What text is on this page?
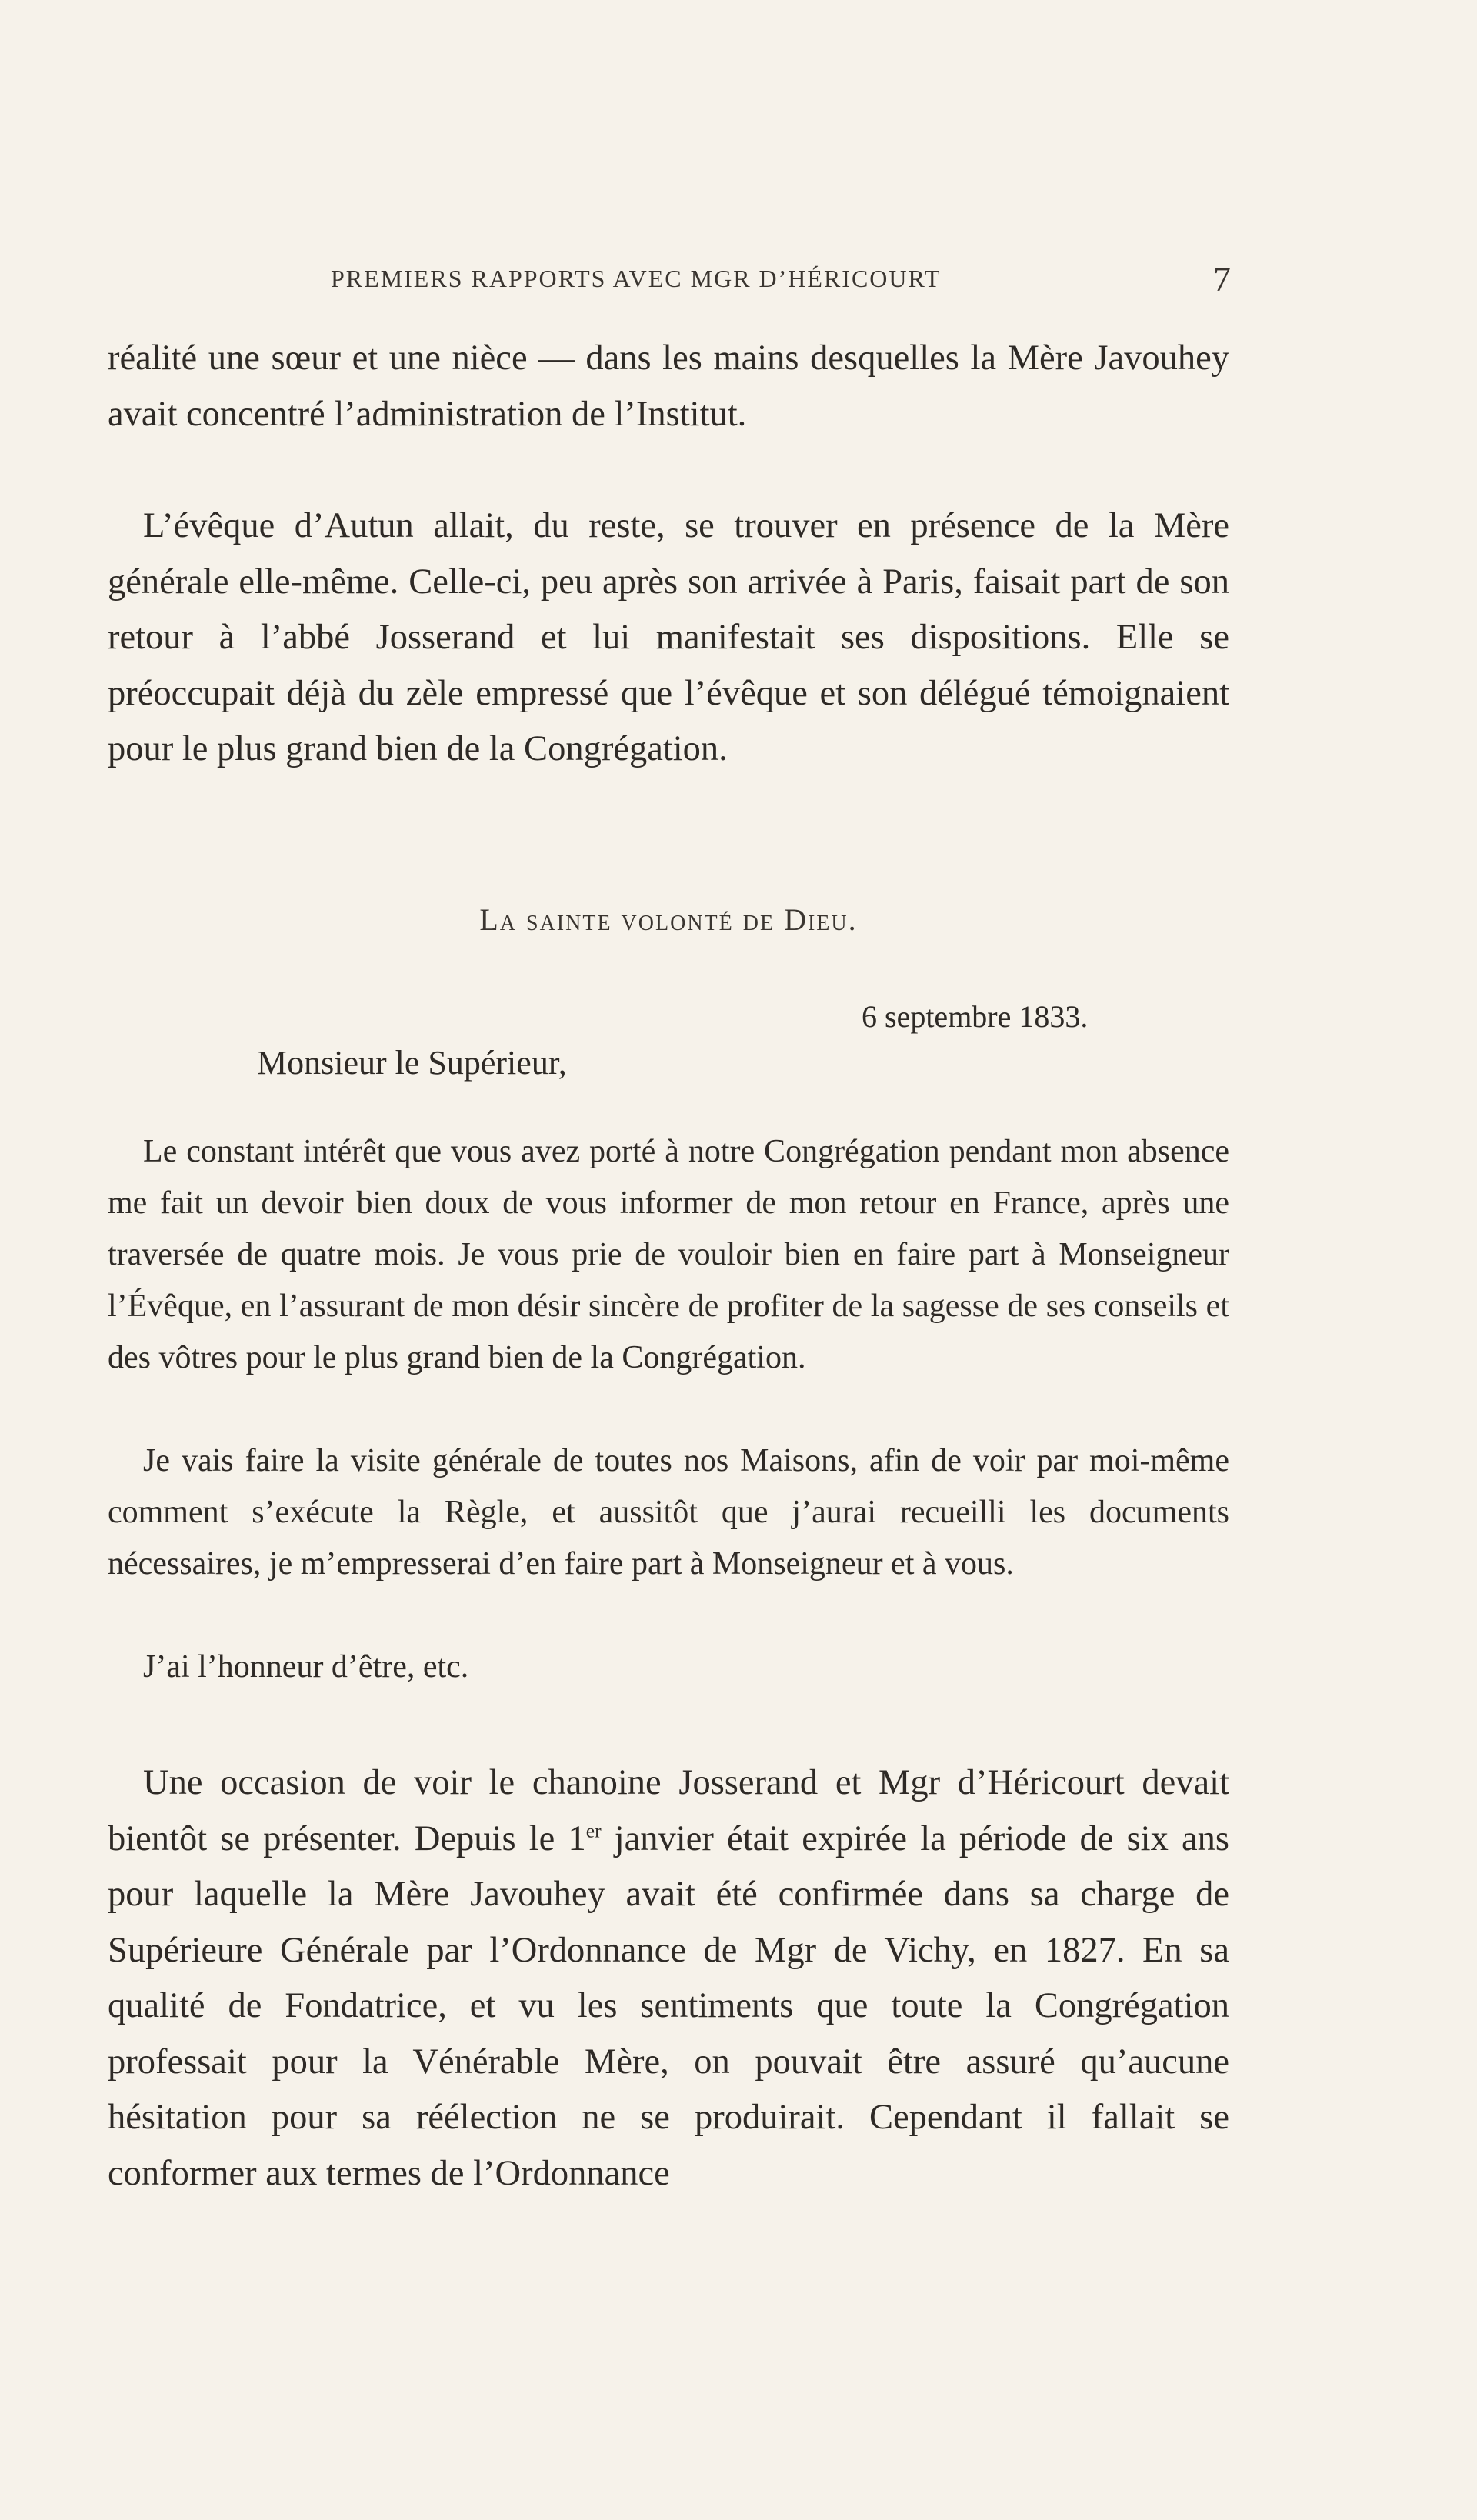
PREMIERS RAPPORTS AVEC MGR D’HÉRICOURT	7

réalité une sœur et une nièce — dans les mains desquelles la Mère Javouhey avait concentré l’administration de l’Institut.

L’évêque d’Autun allait, du reste, se trouver en présence de la Mère générale elle-même. Celle-ci, peu après son arrivée à Paris, faisait part de son retour à l’abbé Josserand et lui manifestait ses dispositions. Elle se préoccupait déjà du zèle empressé que l’évêque et son délégué témoignaient pour le plus grand bien de la Congrégation.

La sainte volonté de Dieu.
6 septembre 1833.
Monsieur le Supérieur,

Le constant intérêt que vous avez porté à notre Congrégation pendant mon absence me fait un devoir bien doux de vous informer de mon retour en France, après une traversée de quatre mois. Je vous prie de vouloir bien en faire part à Monseigneur l’Évêque, en l’assurant de mon désir sincère de profiter de la sagesse de ses conseils et des vôtres pour le plus grand bien de la Congrégation.

Je vais faire la visite générale de toutes nos Maisons, afin de voir par moi-même comment s’exécute la Règle, et aussitôt que j’aurai recueilli les documents nécessaires, je m’empresserai d’en faire part à Monseigneur et à vous.

J’ai l’honneur d’être, etc.

Une occasion de voir le chanoine Josserand et Mgr d’Héricourt devait bientôt se présenter. Depuis le 1er janvier était expirée la période de six ans pour laquelle la Mère Javouhey avait été confirmée dans sa charge de Supérieure Générale par l’Ordonnance de Mgr de Vichy, en 1827. En sa qualité de Fondatrice, et vu les sentiments que toute la Congrégation professait pour la Vénérable Mère, on pouvait être assuré qu’aucune hésitation pour sa réélection ne se produirait. Cependant il fallait se conformer aux termes de l’Ordonnance
